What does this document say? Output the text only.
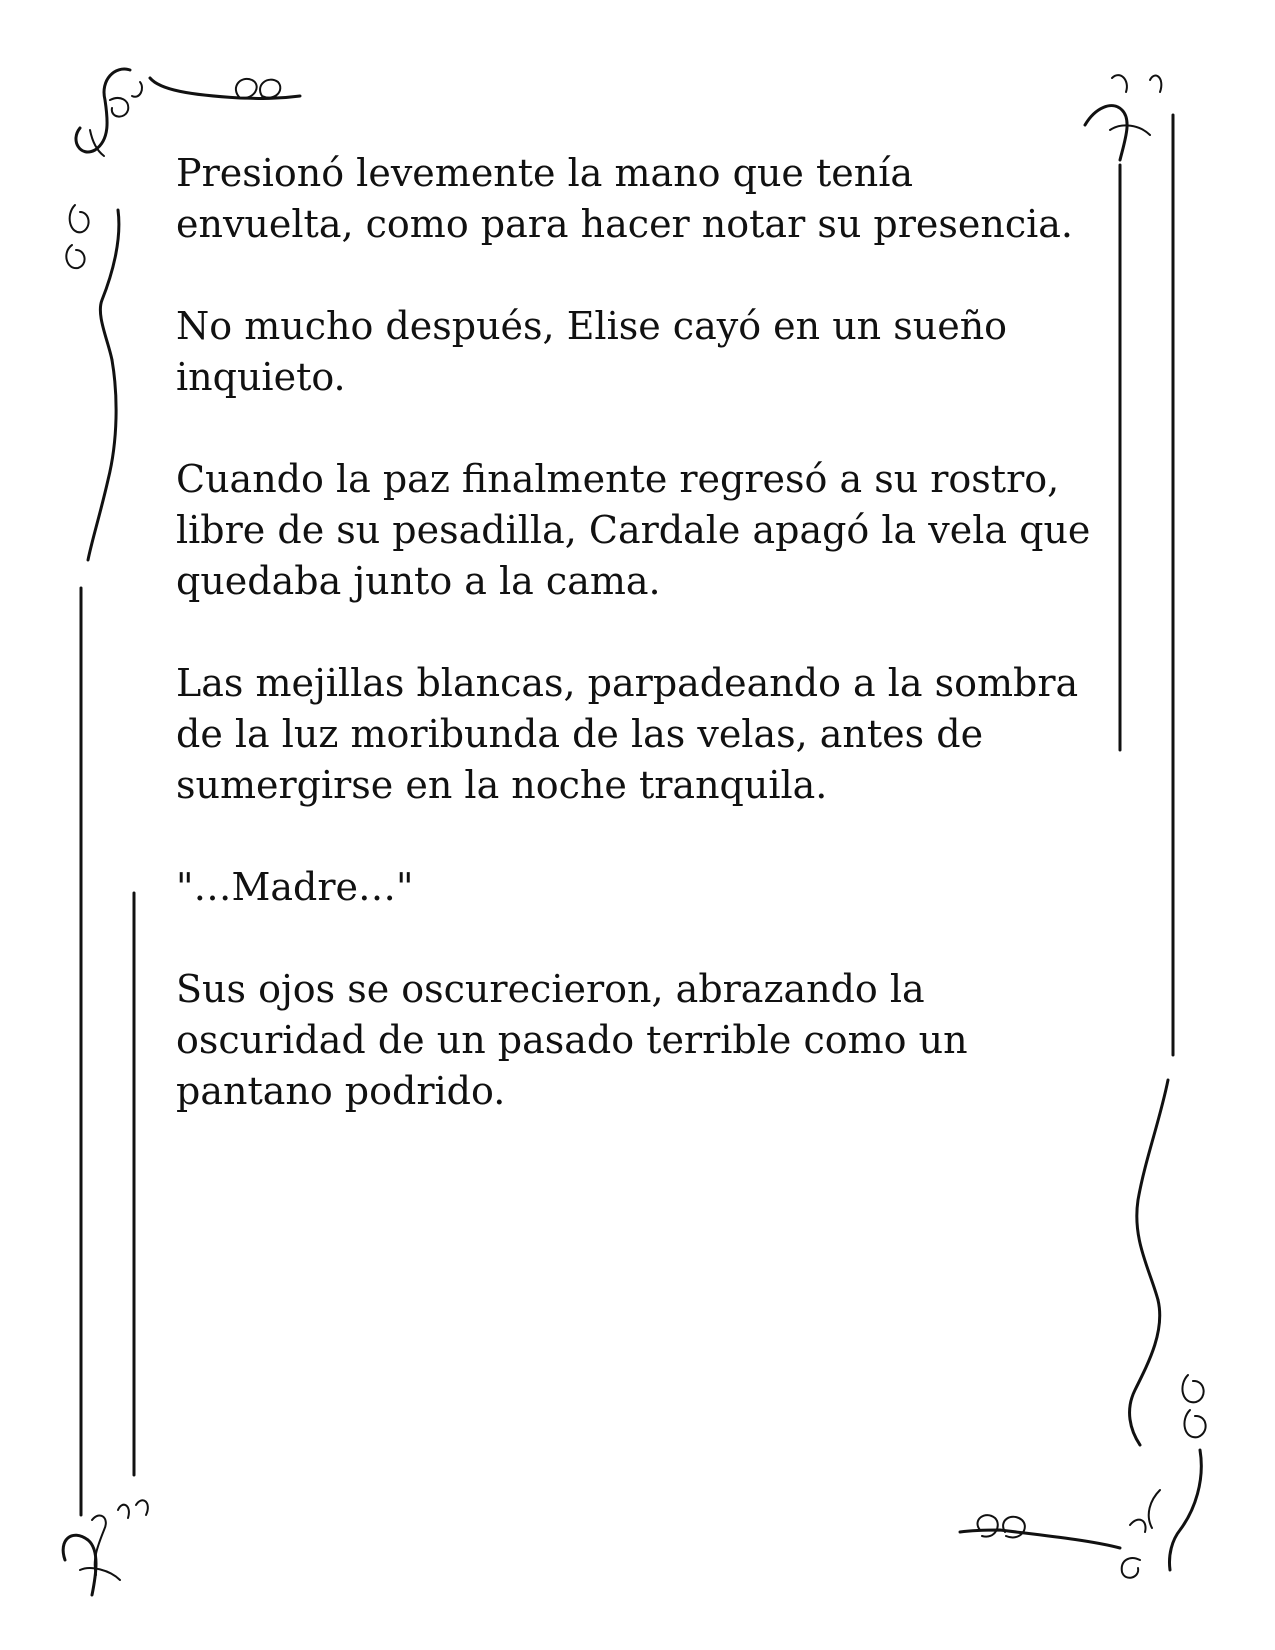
Presionó levemente la mano que tenía
envuelta, como para hacer notar su presencia.

No mucho después, Elise cayó en un sueño
inquieto.

Cuando la paz finalmente regresó a su rostro,
libre de su pesadilla, Cardale apagó la vela que
quedaba junto a la cama.

Las mejillas blancas, parpadeando a la sombra
de la luz moribunda de las velas, antes de
sumergirse en la noche tranquila.

"…Madre…"

Sus ojos se oscurecieron, abrazando la
oscuridad de un pasado terrible como un
pantano podrido.
